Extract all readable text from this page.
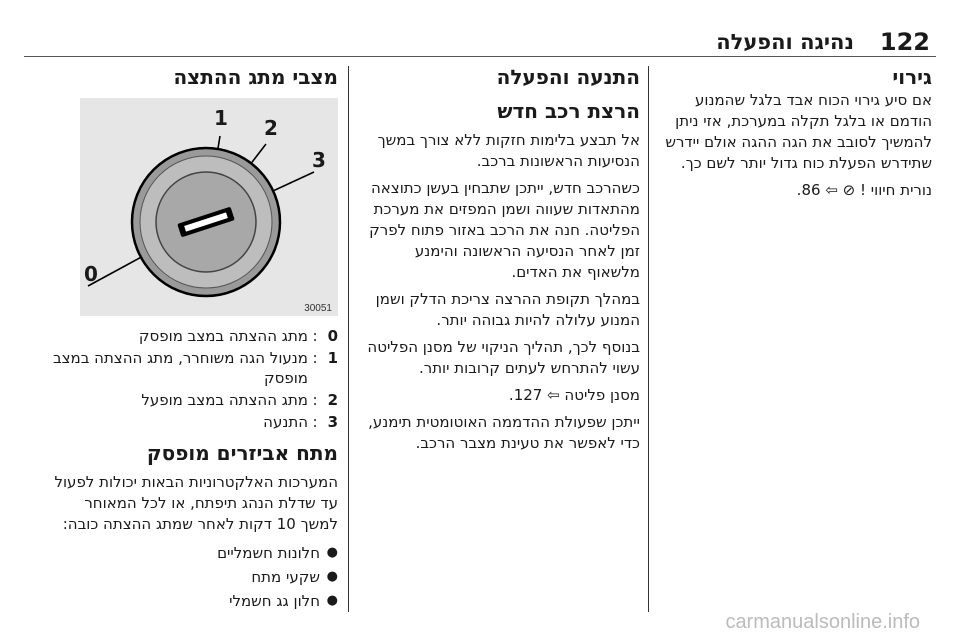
122
נהיגה והפעלה
גירוי

אם סיע גירוי הכוח אבד בלגל שהמנוע הודמם או בלגל תקלה במערכת, אזי ניתן להמשיך לסובב את הגה ההגה אולם יידרש שתידרש הפעלת כוח גדול יותר לשם כך.

נורית חיווי ! ⦸ ⇦ 86.

התנעה והפעלה
הרצת רכב חדש

אל תבצע בלימות חזקות ללא צורך במשך הנסיעות הראשונות ברכב.

כשהרכב חדש, ייתכן שתבחין בעשן כתוצאה מהתאדות שעווה ושמן המפזים את מערכת הפליטה. חנה את הרכב באזור פתוח לפרק זמן לאחר הנסיעה הראשונה והימנע מלשאוף את האדים.

במהלך תקופת ההרצה צריכת הדלק ושמן המנוע עלולה להיות גבוהה יותר.

בנוסף לכך, תהליך הניקוי של מסנן הפליטה עשוי להתרחש לעתים קרובות יותר.

מסנן פליטה ⇦ 127.

ייתכן שפעולת ההדממה האוטומטית תימנע, כדי לאפשר את טעינת מצבר הרכב.

מצבי מתג ההתצה
1 2
3
0
30051
0
:
מתג ההצתה במצב מופסק
1
:
מנעול הגה משוחרר, מתג ההצתה במצב מופסק
2
:
מתג ההצתה במצב מופעל
3
:
התנעה
מתח אביזרים מופסק

המערכות האלקטרוניות הבאות יכולות לפעול עד שדלת הנהג תיפתח, או לכל המאוחר למשך 10 דקות לאחר שמתג ההצתה כובה:

●
חלונות חשמליים
●
שקעי מתח
●
חלון גג חשמלי
carmanualsonline.info
